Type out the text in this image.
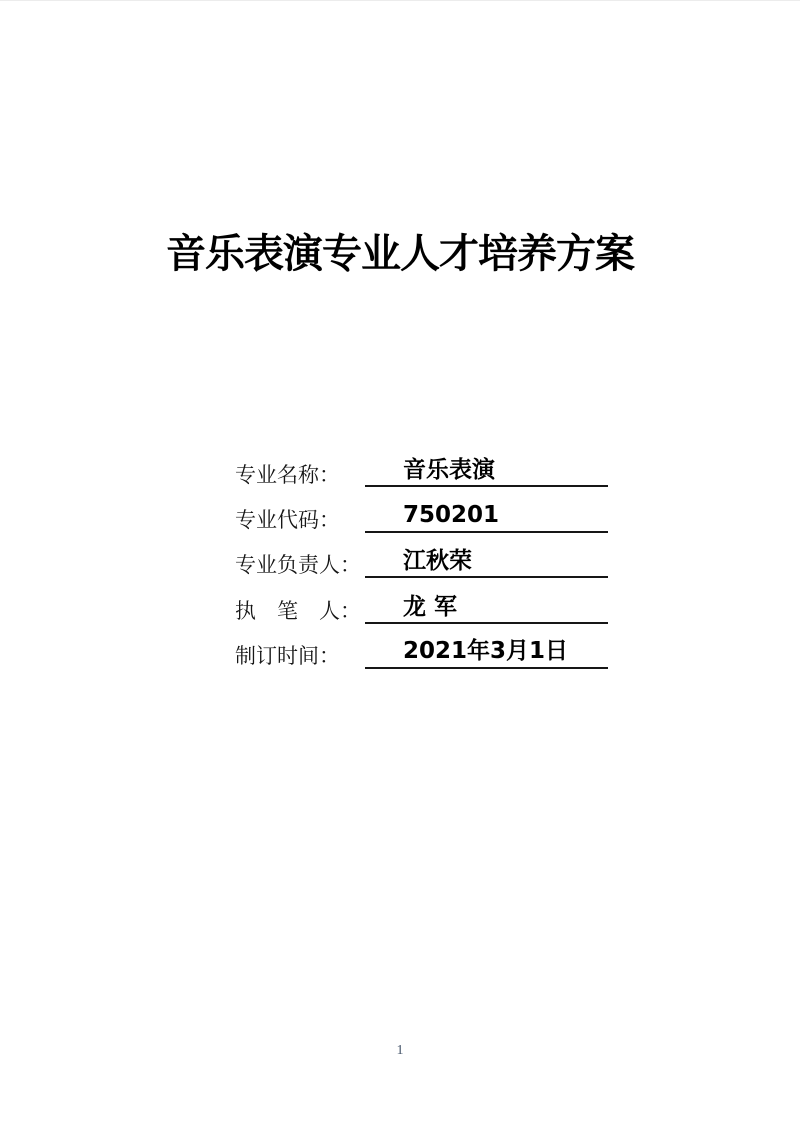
音乐表演专业人才培养方案
专业名称：	音乐表演
专业代码：	750201
专业负责人：	江秋荣
执　笔　人：	龙 军
制订时间：	2021年3月1日
1
